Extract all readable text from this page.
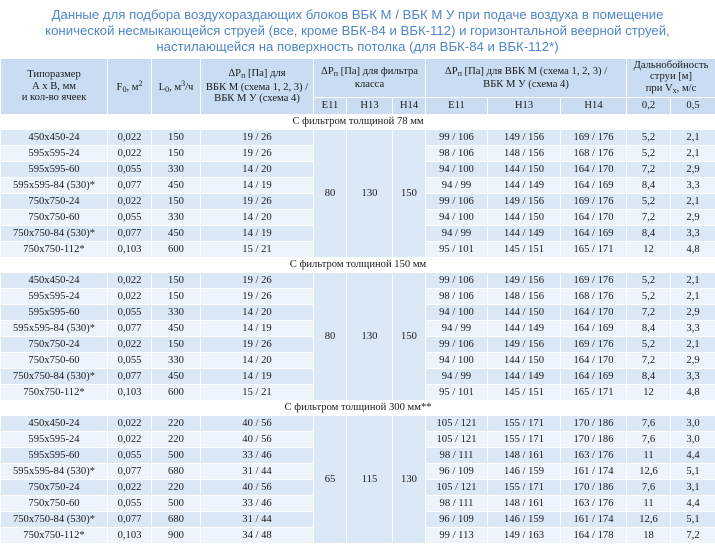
Данные для подбора воздухораздающих блоков ВБК М / ВБК М У при подаче воздуха в помещение
конической несмыкающейся струей (все, кроме ВБК-84 и ВБК-112) и горизонтальной веерной струей,
настилающейся на поверхность потолка (для ВБК-84 и ВБК-112*)
Типоразмер
А х В, мм
и кол-во ячеек	$F_0$, $м^2$	$L_0$, $м^3/ч$	$\Delta P_п$ [Па] для
ВБК М (схема 1, 2, 3) /
ВБК М У (схема 4)	$\Delta P_п$ [Па] для фильтра
класса			$\Delta P_п$ [Па] для ВБК М (схема 1, 2, 3) /
ВБК М У (схема 4)			Дальнобойность
струи [м]
при $V_x$, м/с	
				E11	H13	H14	E11	H13	H14	0,2	0,5
С фильтром толщиной 78 мм											
450x450-24	0,022	150	19 / 26	80	130	150	99 / 106	149 / 156	169 / 176	5,2	2,1
595x595-24	0,022	150	19 / 26				98 / 106	148 / 156	168 / 176	5,2	2,1
595x595-60	0,055	330	14 / 20				94 / 100	144 / 150	164 / 170	7,2	2,9
595x595-84 (530)*	0,077	450	14 / 19				94 / 99	144 / 149	164 / 169	8,4	3,3
750x750-24	0,022	150	19 / 26				99 / 106	149 / 156	169 / 176	5,2	2,1
750x750-60	0,055	330	14 / 20				94 / 100	144 / 150	164 / 170	7,2	2,9
750x750-84 (530)*	0,077	450	14 / 19				94 / 99	144 / 149	164 / 169	8,4	3,3
750x750-112*	0,103	600	15 / 21				95 / 101	145 / 151	165 / 171	12	4,8
С фильтром толщиной 150 мм											
450x450-24	0,022	150	19 / 26	80	130	150	99 / 106	149 / 156	169 / 176	5,2	2,1
595x595-24	0,022	150	19 / 26				98 / 106	148 / 156	168 / 176	5,2	2,1
595x595-60	0,055	330	14 / 20				94 / 100	144 / 150	164 / 170	7,2	2,9
595x595-84 (530)*	0,077	450	14 / 19				94 / 99	144 / 149	164 / 169	8,4	3,3
750x750-24	0,022	150	19 / 26				99 / 106	149 / 156	169 / 176	5,2	2,1
750x750-60	0,055	330	14 / 20				94 / 100	144 / 150	164 / 170	7,2	2,9
750x750-84 (530)*	0,077	450	14 / 19				94 / 99	144 / 149	164 / 169	8,4	3,3
750x750-112*	0,103	600	15 / 21				95 / 101	145 / 151	165 / 171	12	4,8
С фильтром толщиной 300 мм**											
450x450-24	0,022	220	40 / 56	65	115	130	105 / 121	155 / 171	170 / 186	7,6	3,0
595x595-24	0,022	220	40 / 56				105 / 121	155 / 171	170 / 186	7,6	3,0
595x595-60	0,055	500	33 / 46				98 / 111	148 / 161	163 / 176	11	4,4
595x595-84 (530)*	0,077	680	31 / 44				96 / 109	146 / 159	161 / 174	12,6	5,1
750x750-24	0,022	220	40 / 56				105 / 121	155 / 171	170 / 186	7,6	3,1
750x750-60	0,055	500	33 / 46				98 / 111	148 / 161	163 / 176	11	4,4
750x750-84 (530)*	0,077	680	31 / 44				96 / 109	146 / 159	161 / 174	12,6	5,1
750x750-112*	0,103	900	34 / 48				99 / 113	149 / 163	164 / 178	18	7,2
